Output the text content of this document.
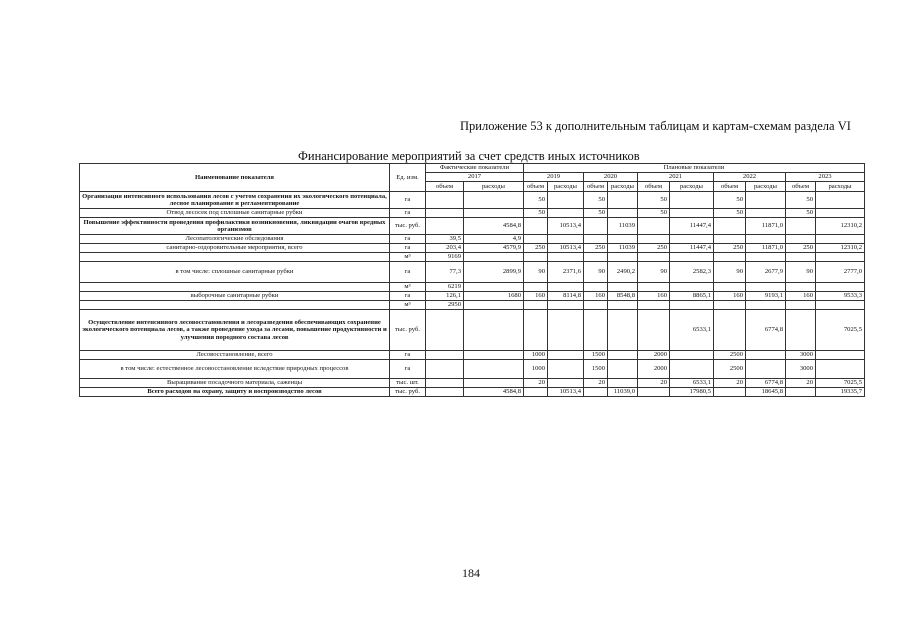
Приложение 53 к дополнительным таблицам и картам-схемам раздела VI
Финансирование мероприятий за счет средств иных источников
Наименование показателя	Ед. изм.	Фактические показатели		Плановые показатели									
		2017		2019		2020		2021		2022		2023	
		объем	расходы	объем	расходы	объем	расходы	объем	расходы	объем	расходы	объем	расходы
Организация интенсивного использования лесов с учетом сохранения их экологического потенциала, лесное планирование и регламентирование	га			50		50		50		50		50	
Отвод лесосек под сплошные санитарные рубки	га			50		50		50		50		50	
Повышение эффективности проведения профилактики возникновения, ликвидации очагов вредных организмов	тыс. руб.		4584,8		10513,4		11039		11447,4		11871,0		12310,2
Лесопатологические обследования	га	39,5	4,9										
санитарно-оздоровительные мероприятия, всего	га	203,4	4579,9	250	10513,4	250	11039	250	11447,4	250	11871,0	250	12310,2
	м³	9169											
в том числе: сплошные санитарные рубки	га	77,3	2899,9	90	2371,6	90	2490,2	90	2582,3	90	2677,9	90	2777,0
	м³	6219											
выборочные санитарные рубки	га	126,1	1680	160	8114,8	160	8548,8	160	8865,1	160	9193,1	160	9533,3
	м³	2950											
Осуществление интенсивного лесовосстановления и лесоразведения обеспечивающих сохранение экологического потенциала лесов, а также проведение ухода за лесами, повышение продуктивности и улучшения породного состава лесов	тыс. руб.								6533,1		6774,8		7025,5
Лесовосстановление, всего	га			1000		1500		2000		2500		3000	
в том числе: естественное лесовосстановление вследствие природных процессов	га			1000		1500		2000		2500		3000	
Выращивание посадочного материала, саженцы	тыс. шт.			20		20		20	6533,1	20	6774,8	20	7025,5
Всего расходов на охрану, защиту и воспроизводство лесов	тыс. руб.		4584,8		10513,4		11039,0		17980,5		18645,8		19335,7
184
